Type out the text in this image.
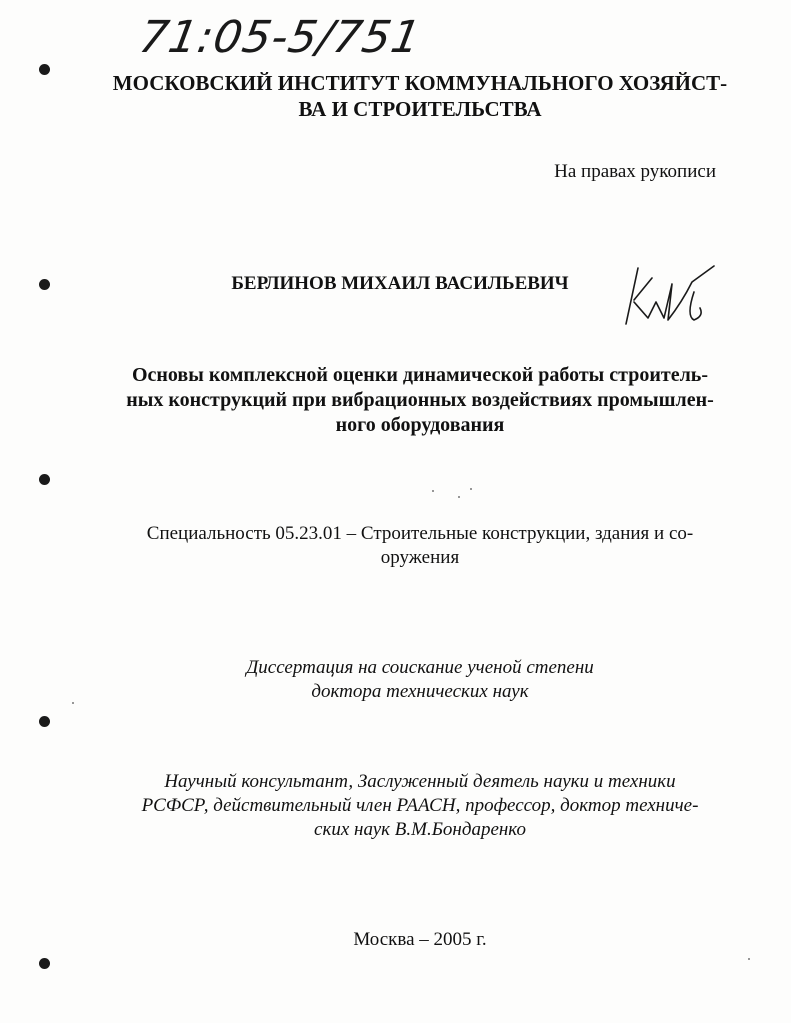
71:05-5/751
МОСКОВСКИЙ ИНСТИТУТ КОММУНАЛЬНОГО ХОЗЯЙСТ-
ВА И СТРОИТЕЛЬСТВА
На правах рукописи
БЕРЛИНОВ МИХАИЛ ВАСИЛЬЕВИЧ
Основы комплексной оценки динамической работы строитель-
ных конструкций при вибрационных воздействиях промышлен-
ного оборудования
Специальность 05.23.01 – Строительные конструкции, здания и со-
оружения
Диссертация на соискание ученой степени
доктора технических наук
Научный консультант, Заслуженный деятель науки и техники
РСФСР, действительный член РААСН, профессор, доктор техниче-
ских наук В.М.Бондаренко
Москва – 2005 г.
